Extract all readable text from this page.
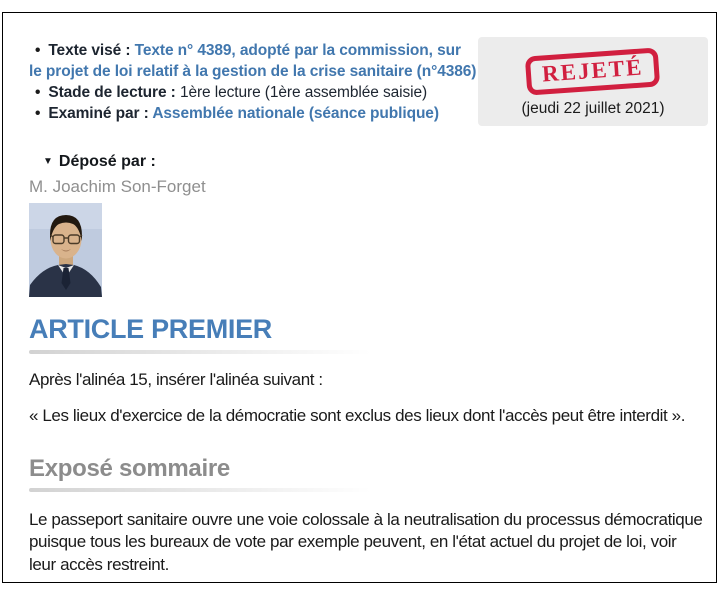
• Texte visé : Texte n° 4389, adopté par la commission, sur le projet de loi relatif à la gestion de la crise sanitaire (n°4386)
• Stade de lecture : 1ère lecture (1ère assemblée saisie)
• Examiné par : Assemblée nationale (séance publique)
REJETÉ
(jeudi 22 juillet 2021)
▼ Déposé par :
M. Joachim Son-Forget
ARTICLE PREMIER

Après l'alinéa 15, insérer l'alinéa suivant :

« Les lieux d'exercice de la démocratie sont exclus des lieux dont l'accès peut être interdit ».

Exposé sommaire

Le passeport sanitaire ouvre une voie colossale à la neutralisation du processus démocratique puisque tous les bureaux de vote par exemple peuvent, en l'état actuel du projet de loi, voir leur accès restreint.
